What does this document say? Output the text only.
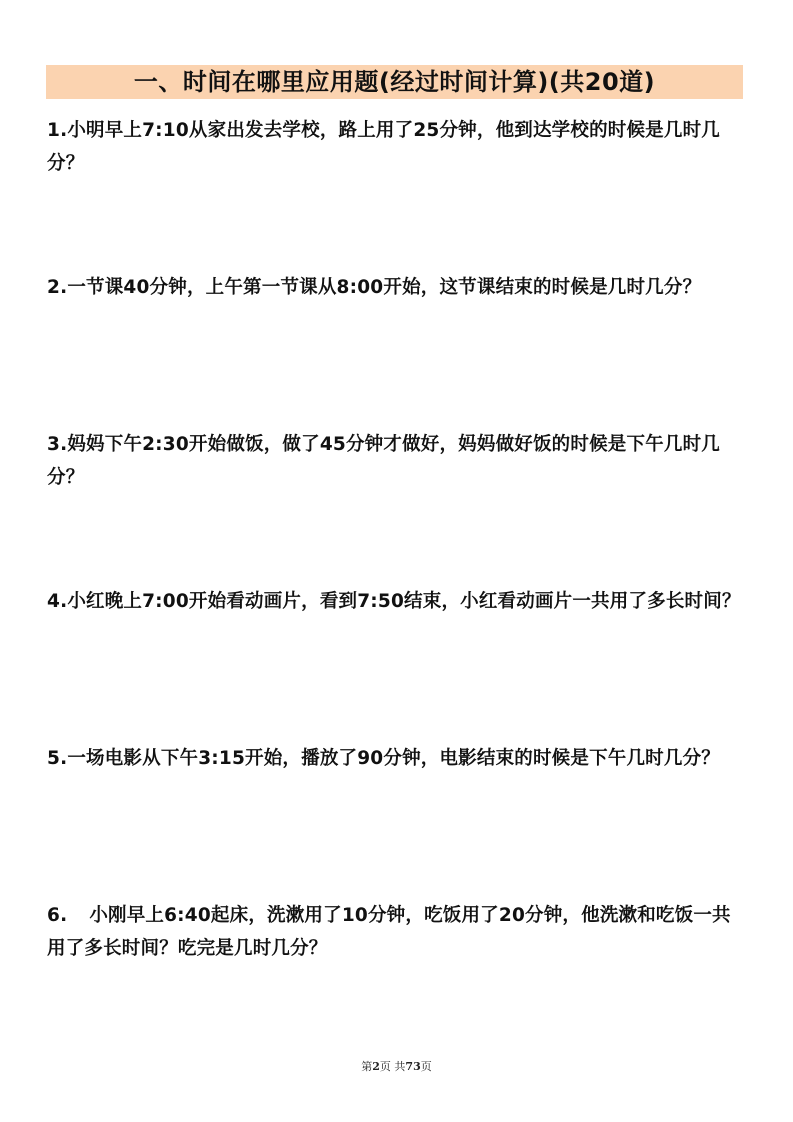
一、时间在哪里应用题(经过时间计算)(共20道)
1.小明早上7:10从家出发去学校，路上用了25分钟，他到达学校的时候是几时几分？
2.一节课40分钟，上午第一节课从8:00开始，这节课结束的时候是几时几分？
3.妈妈下午2:30开始做饭，做了45分钟才做好，妈妈做好饭的时候是下午几时几分？
4.小红晚上7:00开始看动画片，看到7:50结束，小红看动画片一共用了多长时间？
5.一场电影从下午3:15开始，播放了90分钟，电影结束的时候是下午几时几分？
6. 小刚早上6:40起床，洗漱用了10分钟，吃饭用了20分钟，他洗漱和吃饭一共用了多长时间？吃完是几时几分？
第2页 共73页
